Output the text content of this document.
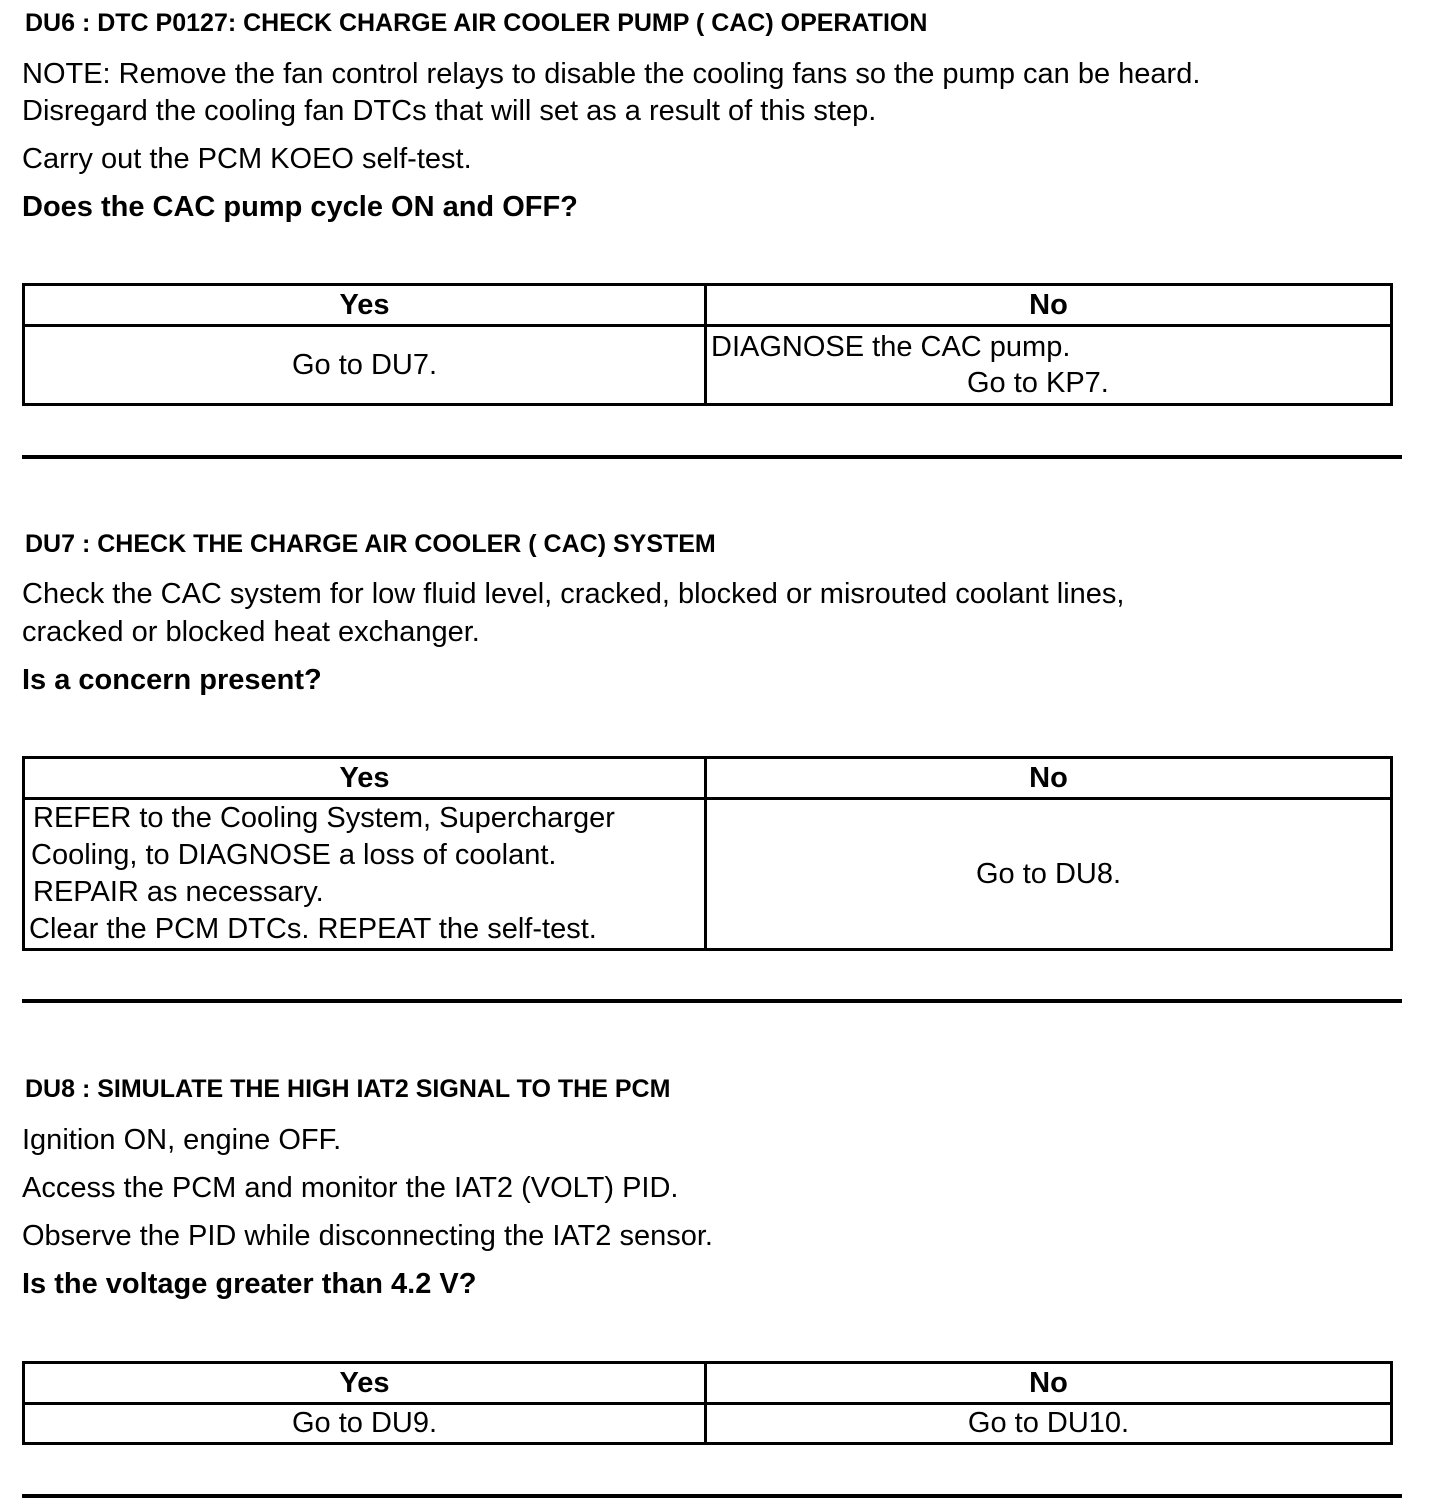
DU6 : DTC P0127: CHECK CHARGE AIR COOLER PUMP ( CAC) OPERATION
NOTE: Remove the fan control relays to disable the cooling fans so the pump can be heard.
Disregard the cooling fan DTCs that will set as a result of this step.
Carry out the PCM KOEO self-test.
Does the CAC pump cycle ON and OFF?
Yes	No
Go to DU7.	DIAGNOSE the CAC pump.
Go to KP7.
DU7 : CHECK THE CHARGE AIR COOLER ( CAC) SYSTEM
Check the CAC system for low fluid level, cracked, blocked or misrouted coolant lines,
cracked or blocked heat exchanger.
Is a concern present?
Yes	No

REFER to the Cooling System, Supercharger
Cooling, to DIAGNOSE a loss of coolant.
REPAIR as necessary.
Clear the PCM DTCs. REPEAT the self-test.	Go to DU8.
DU8 : SIMULATE THE HIGH IAT2 SIGNAL TO THE PCM
Ignition ON, engine OFF.
Access the PCM and monitor the IAT2 (VOLT) PID.
Observe the PID while disconnecting the IAT2 sensor.
Is the voltage greater than 4.2 V?
Yes	No
Go to DU9.	Go to DU10.
